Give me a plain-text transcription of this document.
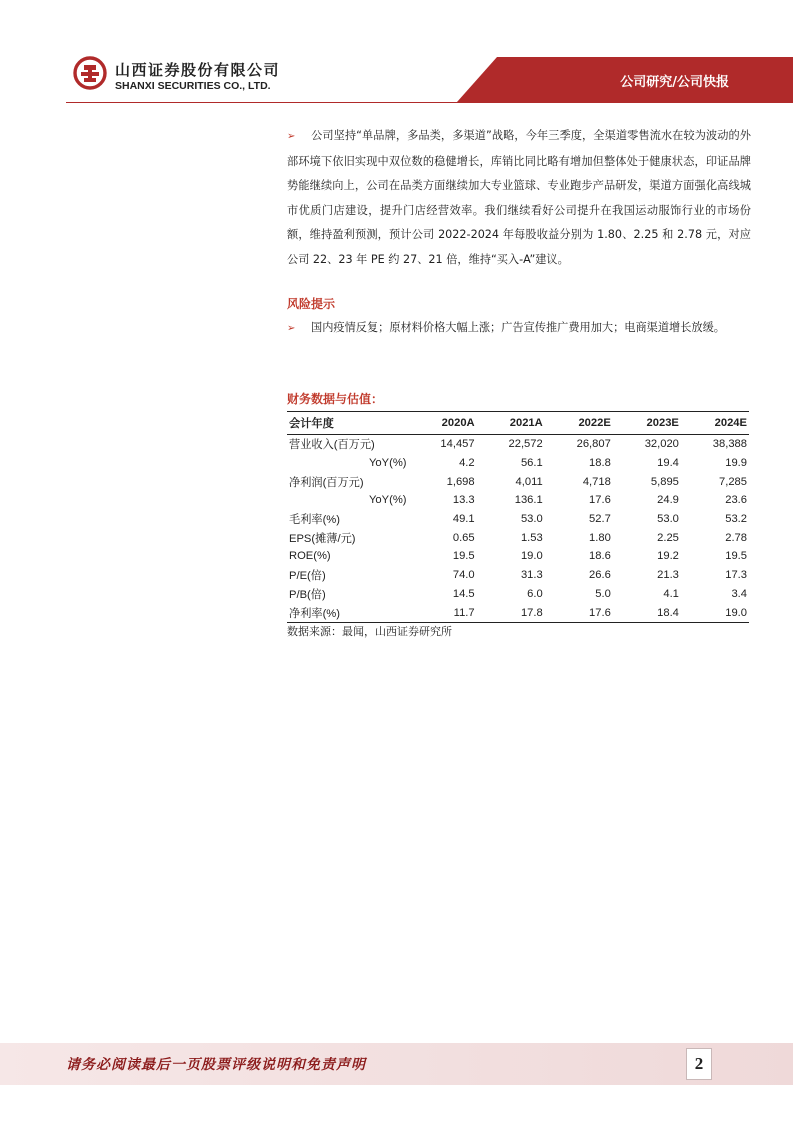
山西证券股份有限公司
SHANXI SECURITIES CO., LTD.	公司研究/公司快报
➢ 公司坚持“单品牌，多品类，多渠道”战略，今年三季度，全渠道零售流水在较为波动的外部环境下依旧实现中双位数的稳健增长，库销比同比略有增加但整体处于健康状态，印证品牌势能继续向上，公司在品类方面继续加大专业篮球、专业跑步产品研发，渠道方面强化高线城市优质门店建设，提升门店经营效率。我们继续看好公司提升在我国运动服饰行业的市场份额，维持盈利预测，预计公司 2022-2024 年每股收益分别为 1.80、2.25 和 2.78 元，对应公司 22、23 年 PE 约 27、21 倍，维持“买入-A”建议。
风险提示
➢ 国内疫情反复；原材料价格大幅上涨；广告宣传推广费用加大；电商渠道增长放缓。
财务数据与估值：
会计年度	2020A	2021A	2022E	2023E	2024E
营业收入(百万元)	14,457	22,572	26,807	32,020	38,388
YoY(%)	4.2	56.1	18.8	19.4	19.9
净利润(百万元)	1,698	4,011	4,718	5,895	7,285
YoY(%)	13.3	136.1	17.6	24.9	23.6
毛利率(%)	49.1	53.0	52.7	53.0	53.2
EPS(摊薄/元)	0.65	1.53	1.80	2.25	2.78
ROE(%)	19.5	19.0	18.6	19.2	19.5
P/E(倍)	74.0	31.3	26.6	21.3	17.3
P/B(倍)	14.5	6.0	5.0	4.1	3.4
净利率(%)	11.7	17.8	17.6	18.4	19.0
数据来源：最闻，山西证券研究所
请务必阅读最后一页股票评级说明和免责声明	2
